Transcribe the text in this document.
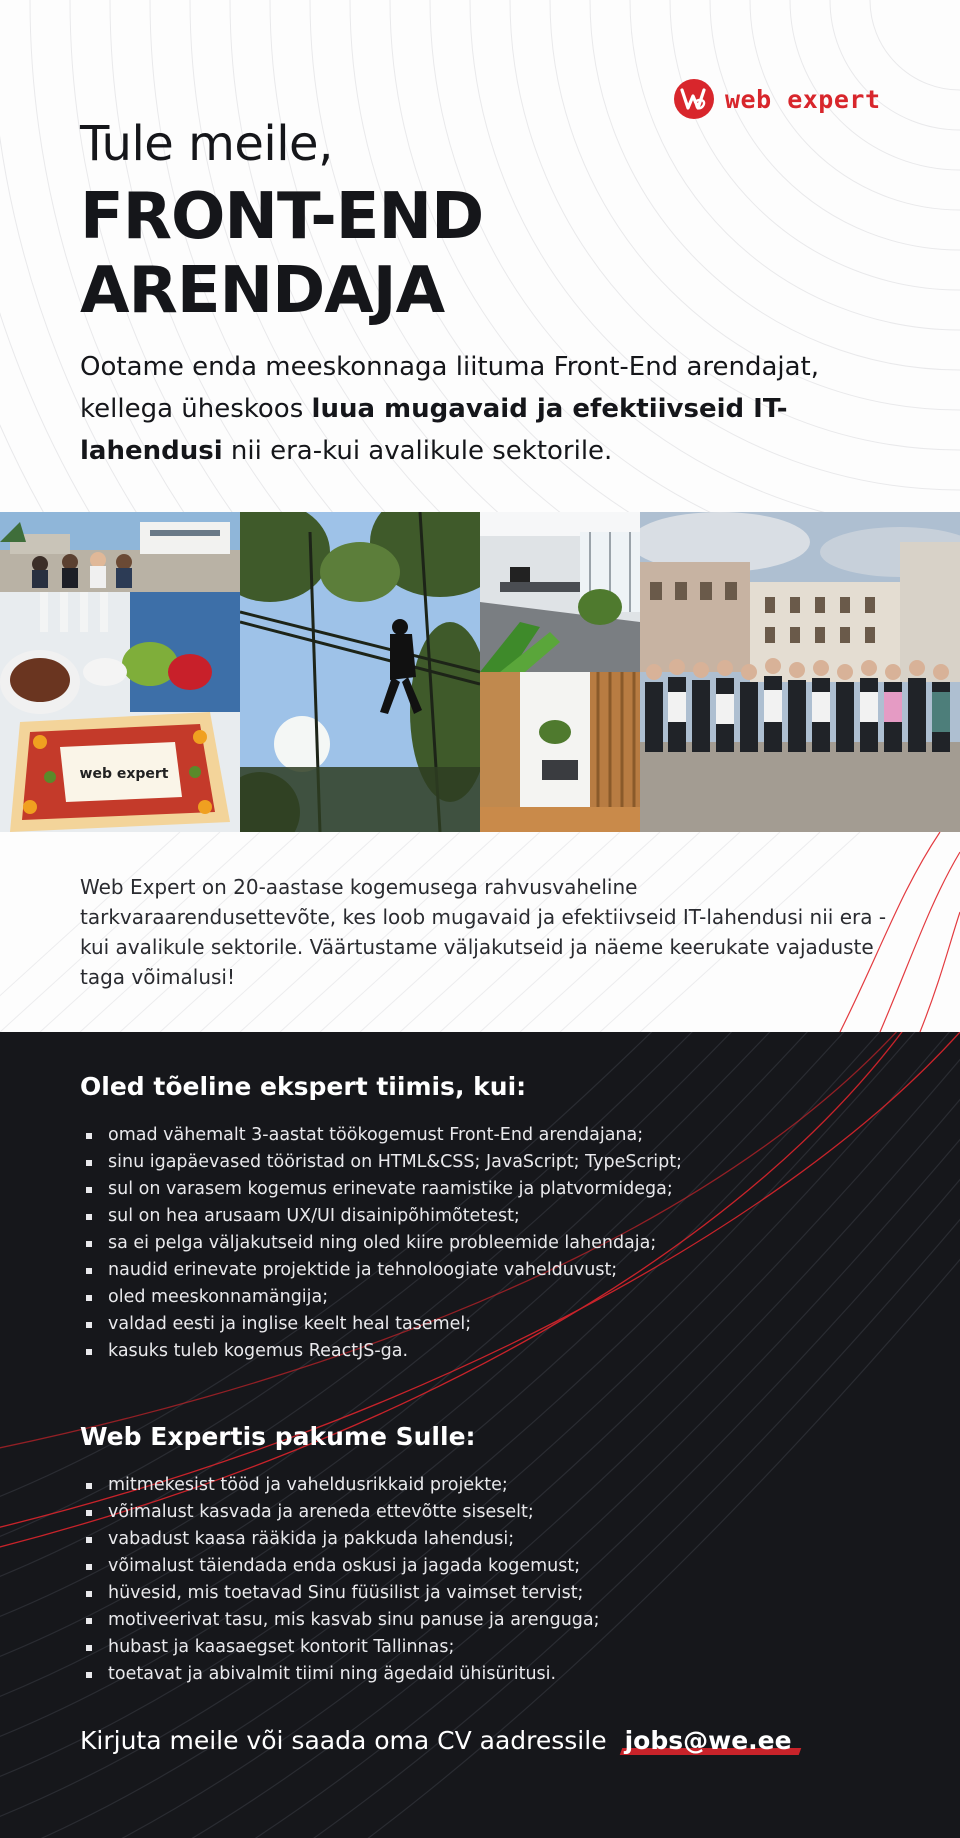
web expert
Tule meile,
FRONT-END
ARENDAJA

Ootame enda meeskonnaga liituma Front-End arendajat, kellega üheskoos luua mugavaid ja efektiivseid IT-lahendusi nii era-kui avalikule sektorile.

web expert

Web Expert on 20-aastase kogemusega rahvusvaheline tarkvaraarendusettevõte, kes loob mugavaid ja efektiivseid IT-lahendusi nii era - kui avalikule sektorile. Väärtustame väljakutseid ja näeme keerukate vajaduste taga võimalusi!

Oled tõeline ekspert tiimis, kui:
omad vähemalt 3-aastat töökogemust Front-End arendajana;
sinu igapäevased tööristad on HTML&CSS; JavaScript; TypeScript;
sul on varasem kogemus erinevate raamistike ja platvormidega;
sul on hea arusaam UX/UI disainipõhimõtetest;
sa ei pelga väljakutseid ning oled kiire probleemide lahendaja;
naudid erinevate projektide ja tehnoloogiate vahelduvust;
oled meeskonnamängija;
valdad eesti ja inglise keelt heal tasemel;
kasuks tuleb kogemus ReactJS-ga.
Web Expertis pakume Sulle:
mitmekesist tööd ja vaheldusrikkaid projekte;
võimalust kasvada ja areneda ettevõtte siseselt;
vabadust kaasa rääkida ja pakkuda lahendusi;
võimalust täiendada enda oskusi ja jagada kogemust;
hüvesid, mis toetavad Sinu füüsilist ja vaimset tervist;
motiveerivat tasu, mis kasvab sinu panuse ja arenguga;
hubast ja kaasaegset kontorit Tallinnas;
toetavat ja abivalmit tiimi ning ägedaid ühisüritusi.
Kirjuta meile või saada oma CV aadressile jobs@we.ee
